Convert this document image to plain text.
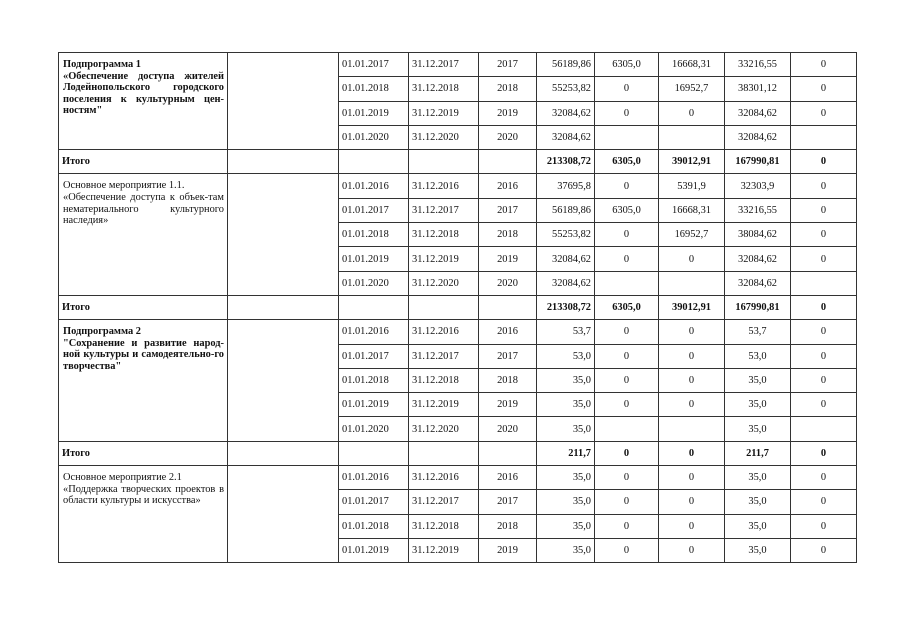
Подпрограмма 1
«Обеспечение доступа жителей Лодейнопольского городского поселения к культурным цен-ностям"		01.01.2017	31.12.2017	2017	56189,86	6305,0	16668,31	33216,55	0
		01.01.2018	31.12.2018	2018	55253,82	0	16952,7	38301,12	0
		01.01.2019	31.12.2019	2019	32084,62	0	0	32084,62	0
		01.01.2020	31.12.2020	2020	32084,62			32084,62	
Итого					213308,72	6305,0	39012,91	167990,81	0

Основное мероприятие 1.1.
«Обеспечение доступа к объек-там нематериального культурного наследия»		01.01.2016	31.12.2016	2016	37695,8	0	5391,9	32303,9	0
		01.01.2017	31.12.2017	2017	56189,86	6305,0	16668,31	33216,55	0
		01.01.2018	31.12.2018	2018	55253,82	0	16952,7	38084,62	0
		01.01.2019	31.12.2019	2019	32084,62	0	0	32084,62	0
		01.01.2020	31.12.2020	2020	32084,62			32084,62	
Итого					213308,72	6305,0	39012,91	167990,81	0

Подпрограмма 2
"Сохранение и развитие народ-ной культуры и самодеятельно-го творчества"		01.01.2016	31.12.2016	2016	53,7	0	0	53,7	0
		01.01.2017	31.12.2017	2017	53,0	0	0	53,0	0
		01.01.2018	31.12.2018	2018	35,0	0	0	35,0	0
		01.01.2019	31.12.2019	2019	35,0	0	0	35,0	0
		01.01.2020	31.12.2020	2020	35,0			35,0	
Итого					211,7	0	0	211,7	0

Основное мероприятие 2.1
«Поддержка творческих проектов в области культуры и искусства»		01.01.2016	31.12.2016	2016	35,0	0	0	35,0	0
		01.01.2017	31.12.2017	2017	35,0	0	0	35,0	0
		01.01.2018	31.12.2018	2018	35,0	0	0	35,0	0
		01.01.2019	31.12.2019	2019	35,0	0	0	35,0	0
